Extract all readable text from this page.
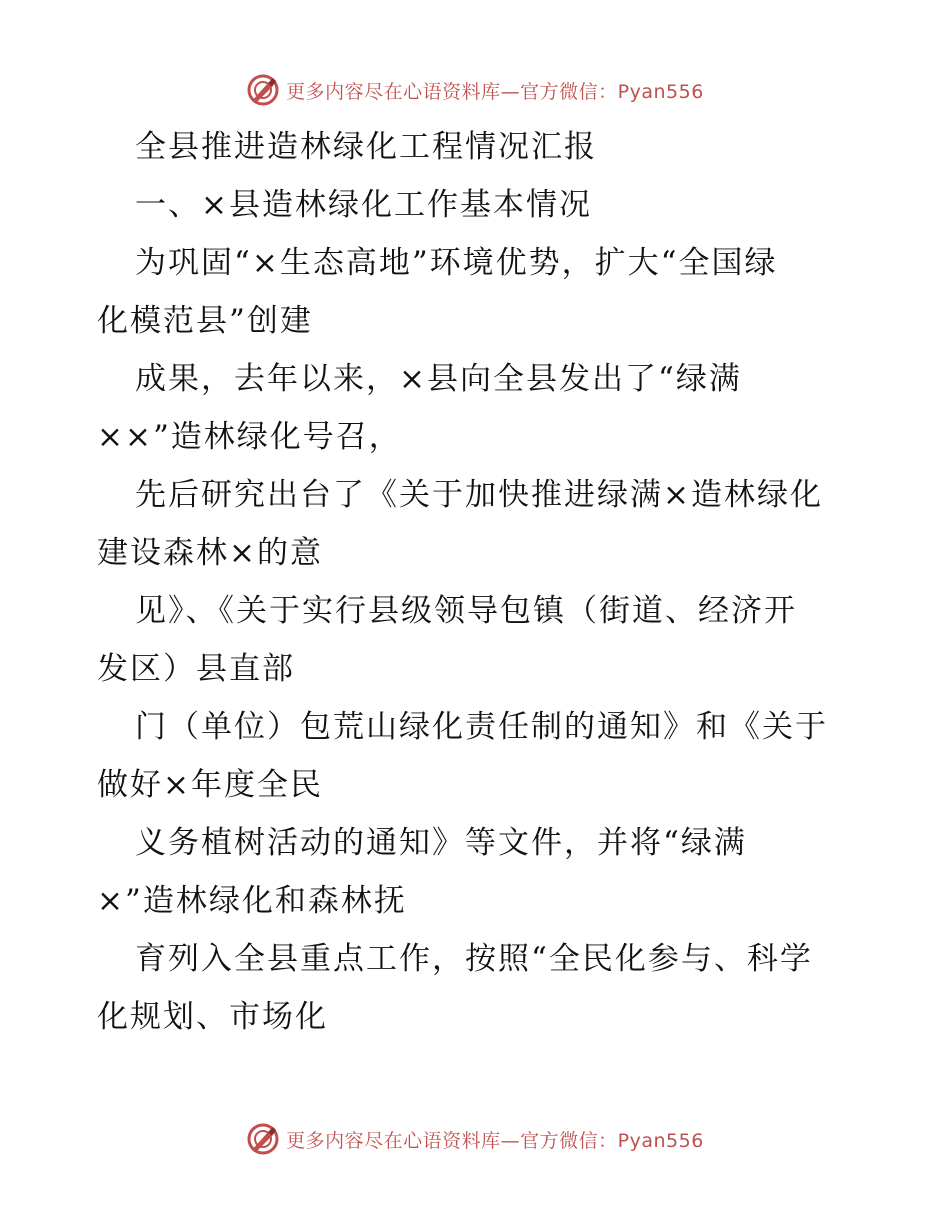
更多内容尽在心语资料库—官方微信：Pyan556
全县推进造林绿化工程情况汇报
一、×县造林绿化工作基本情况
为巩固“×生态高地”环境优势，扩大“全国绿
化模范县”创建
成果，去年以来，×县向全县发出了“绿满
××”造林绿化号召，
先后研究出台了《关于加快推进绿满×造林绿化
建设森林×的意
见》、《关于实行县级领导包镇（街道、经济开
发区）县直部
门（单位）包荒山绿化责任制的通知》和《关于
做好×年度全民
义务植树活动的通知》等文件，并将“绿满
×”造林绿化和森林抚
育列入全县重点工作，按照“全民化参与、科学
化规划、市场化
更多内容尽在心语资料库—官方微信：Pyan556
